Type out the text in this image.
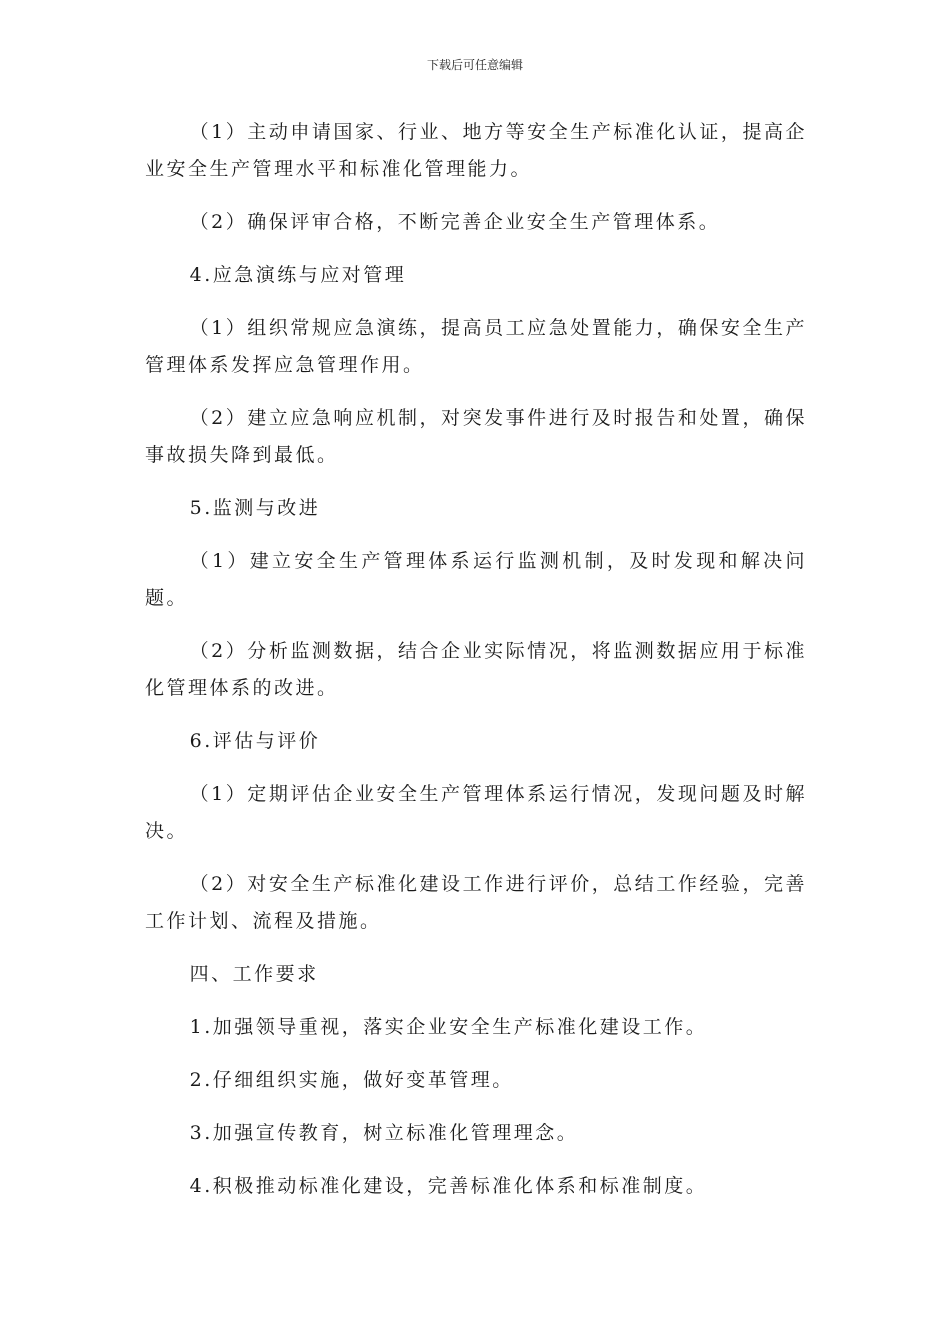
下载后可任意编辑

（1）主动申请国家、行业、地方等安全生产标准化认证，提高企业安全生产管理水平和标准化管理能力。

（2）确保评审合格，不断完善企业安全生产管理体系。

4.应急演练与应对管理

（1）组织常规应急演练，提高员工应急处置能力，确保安全生产管理体系发挥应急管理作用。

（2）建立应急响应机制，对突发事件进行及时报告和处置，确保事故损失降到最低。

5.监测与改进

（1）建立安全生产管理体系运行监测机制，及时发现和解决问题。

（2）分析监测数据，结合企业实际情况，将监测数据应用于标准化管理体系的改进。

6.评估与评价

（1）定期评估企业安全生产管理体系运行情况，发现问题及时解决。

（2）对安全生产标准化建设工作进行评价，总结工作经验，完善工作计划、流程及措施。

四、工作要求

1.加强领导重视，落实企业安全生产标准化建设工作。

2.仔细组织实施，做好变革管理。

3.加强宣传教育，树立标准化管理理念。

4.积极推动标准化建设，完善标准化体系和标准制度。
